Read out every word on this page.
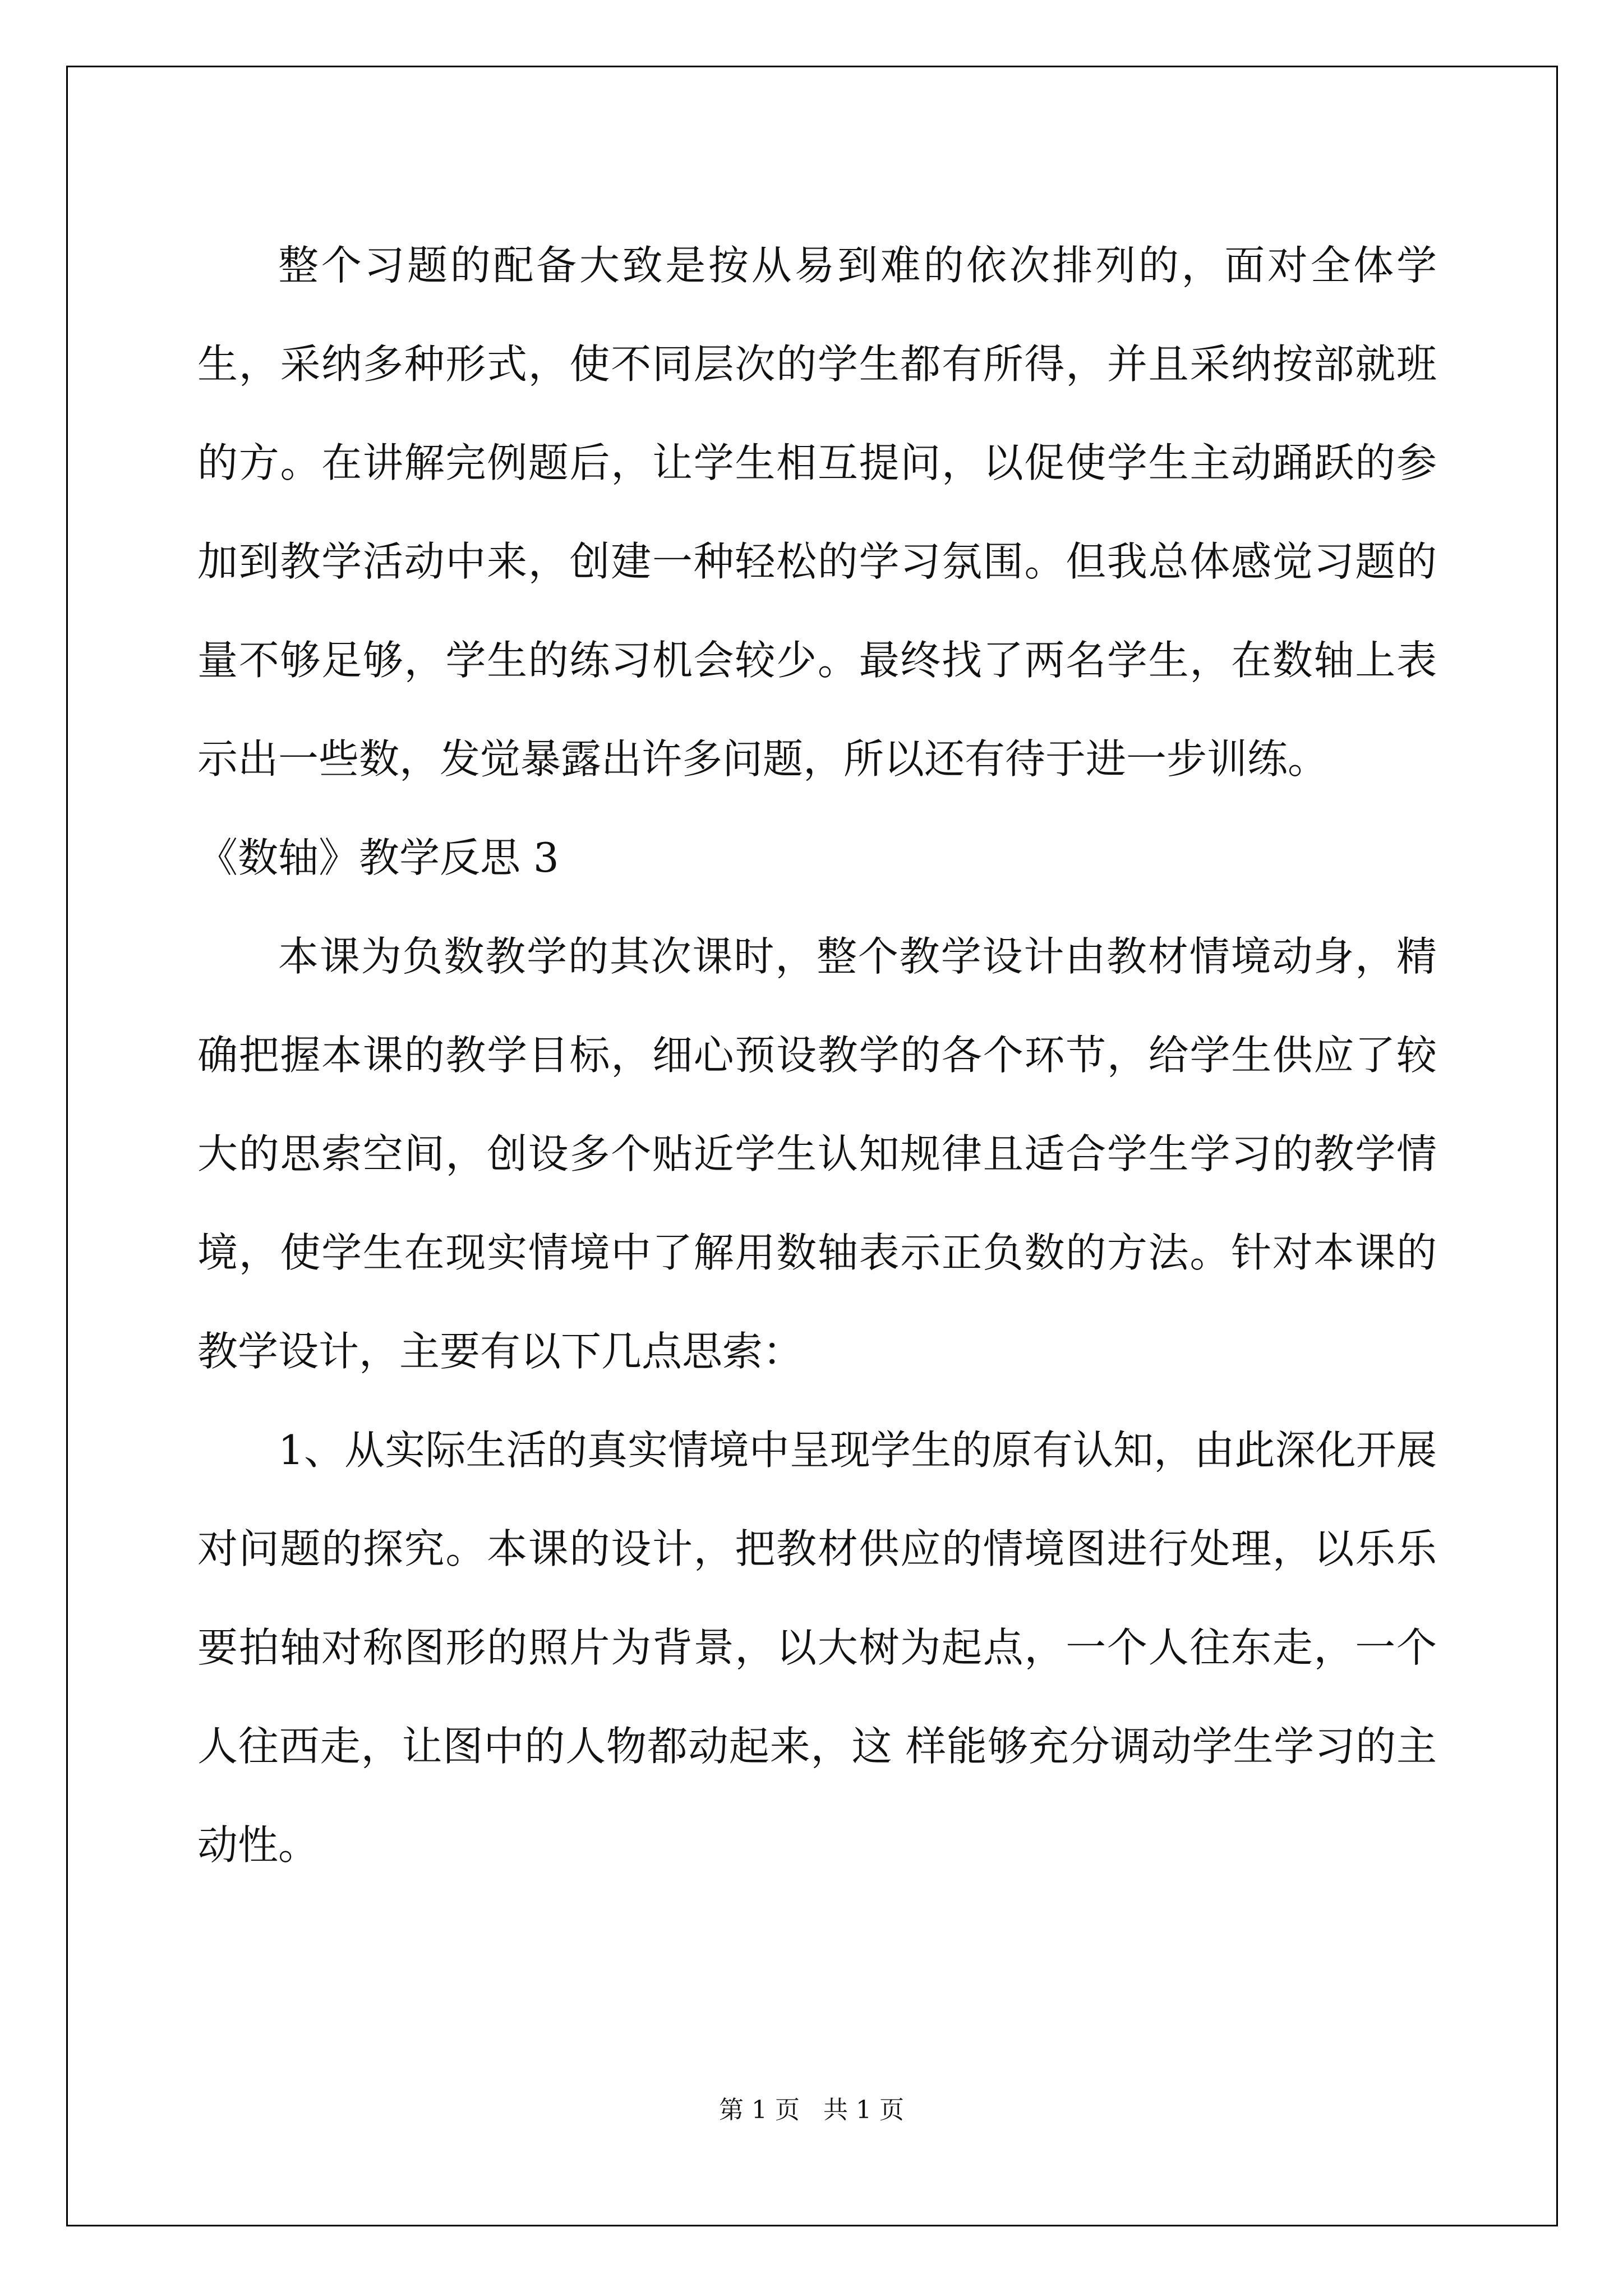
整个习题的配备大致是按从易到难的依次排列的，面对全体学生，采纳多种形式，使不同层次的学生都有所得，并且采纳按部就班的方。在讲解完例题后，让学生相互提问，以促使学生主动踊跃的参加到教学活动中来，创建一种轻松的学习氛围。但我总体感觉习题的量不够足够，学生的练习机会较少。最终找了两名学生，在数轴上表示出一些数，发觉暴露出许多问题，所以还有待于进一步训练。

《数轴》教学反思 3

本课为负数教学的其次课时，整个教学设计由教材情境动身，精确把握本课的教学目标，细心预设教学的各个环节，给学生供应了较大的思索空间，创设多个贴近学生认知规律且适合学生学习的教学情境，使学生在现实情境中了解用数轴表示正负数的方法。针对本课的教学设计，主要有以下几点思索：

1、从实际生活的真实情境中呈现学生的原有认知，由此深化开展对问题的探究。本课的设计，把教材供应的情境图进行处理，以乐乐要拍轴对称图形的照片为背景，以大树为起点，一个人往东走，一个人往西走，让图中的人物都动起来，这 样能够充分调动学生学习的主动性。

第 1 页   共 1 页
